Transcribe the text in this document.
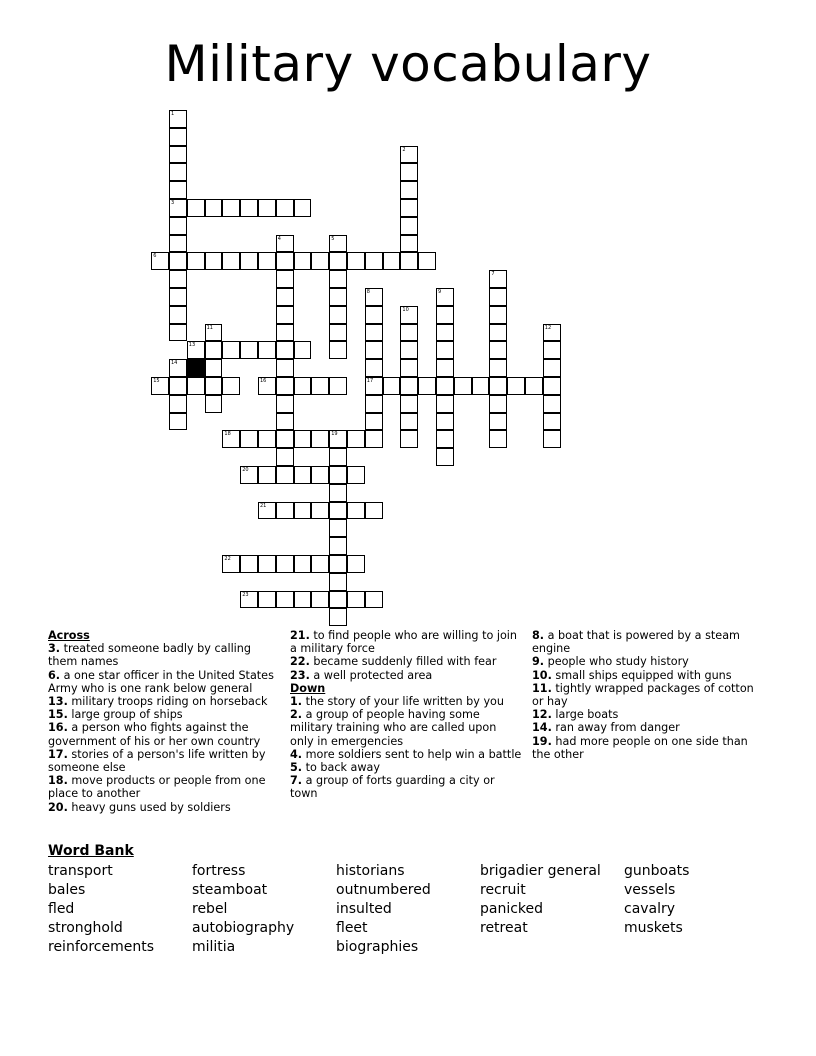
Military vocabulary
3
6
13
15	16	17
18	19
20
21
22
23
14
1
2
4	5
7
8	9
10
11	12
Across
3. treated someone badly by calling them names
6. a one star officer in the United States Army who is one rank below general
13. military troops riding on horseback
15. large group of ships
16. a person who fights against the government of his or her own country
17. stories of a person's life written by someone else
18. move products or people from one place to another
20. heavy guns used by soldiers
21. to find people who are willing to join a military force
22. became suddenly filled with fear
23. a well protected area
Down
1. the story of your life written by you
2. a group of people having some military training who are called upon only in emergencies
4. more soldiers sent to help win a battle
5. to back away
7. a group of forts guarding a city or town
8. a boat that is powered by a steam engine
9. people who study history
10. small ships equipped with guns
11. tightly wrapped packages of cotton or hay
12. large boats
14. ran away from danger
19. had more people on one side than the other
Word Bank
transport
bales
fled
stronghold
reinforcements
fortress
steamboat
rebel
autobiography
militia
historians
outnumbered
insulted
fleet
biographies
brigadier general
recruit
panicked
retreat
gunboats
vessels
cavalry
muskets
